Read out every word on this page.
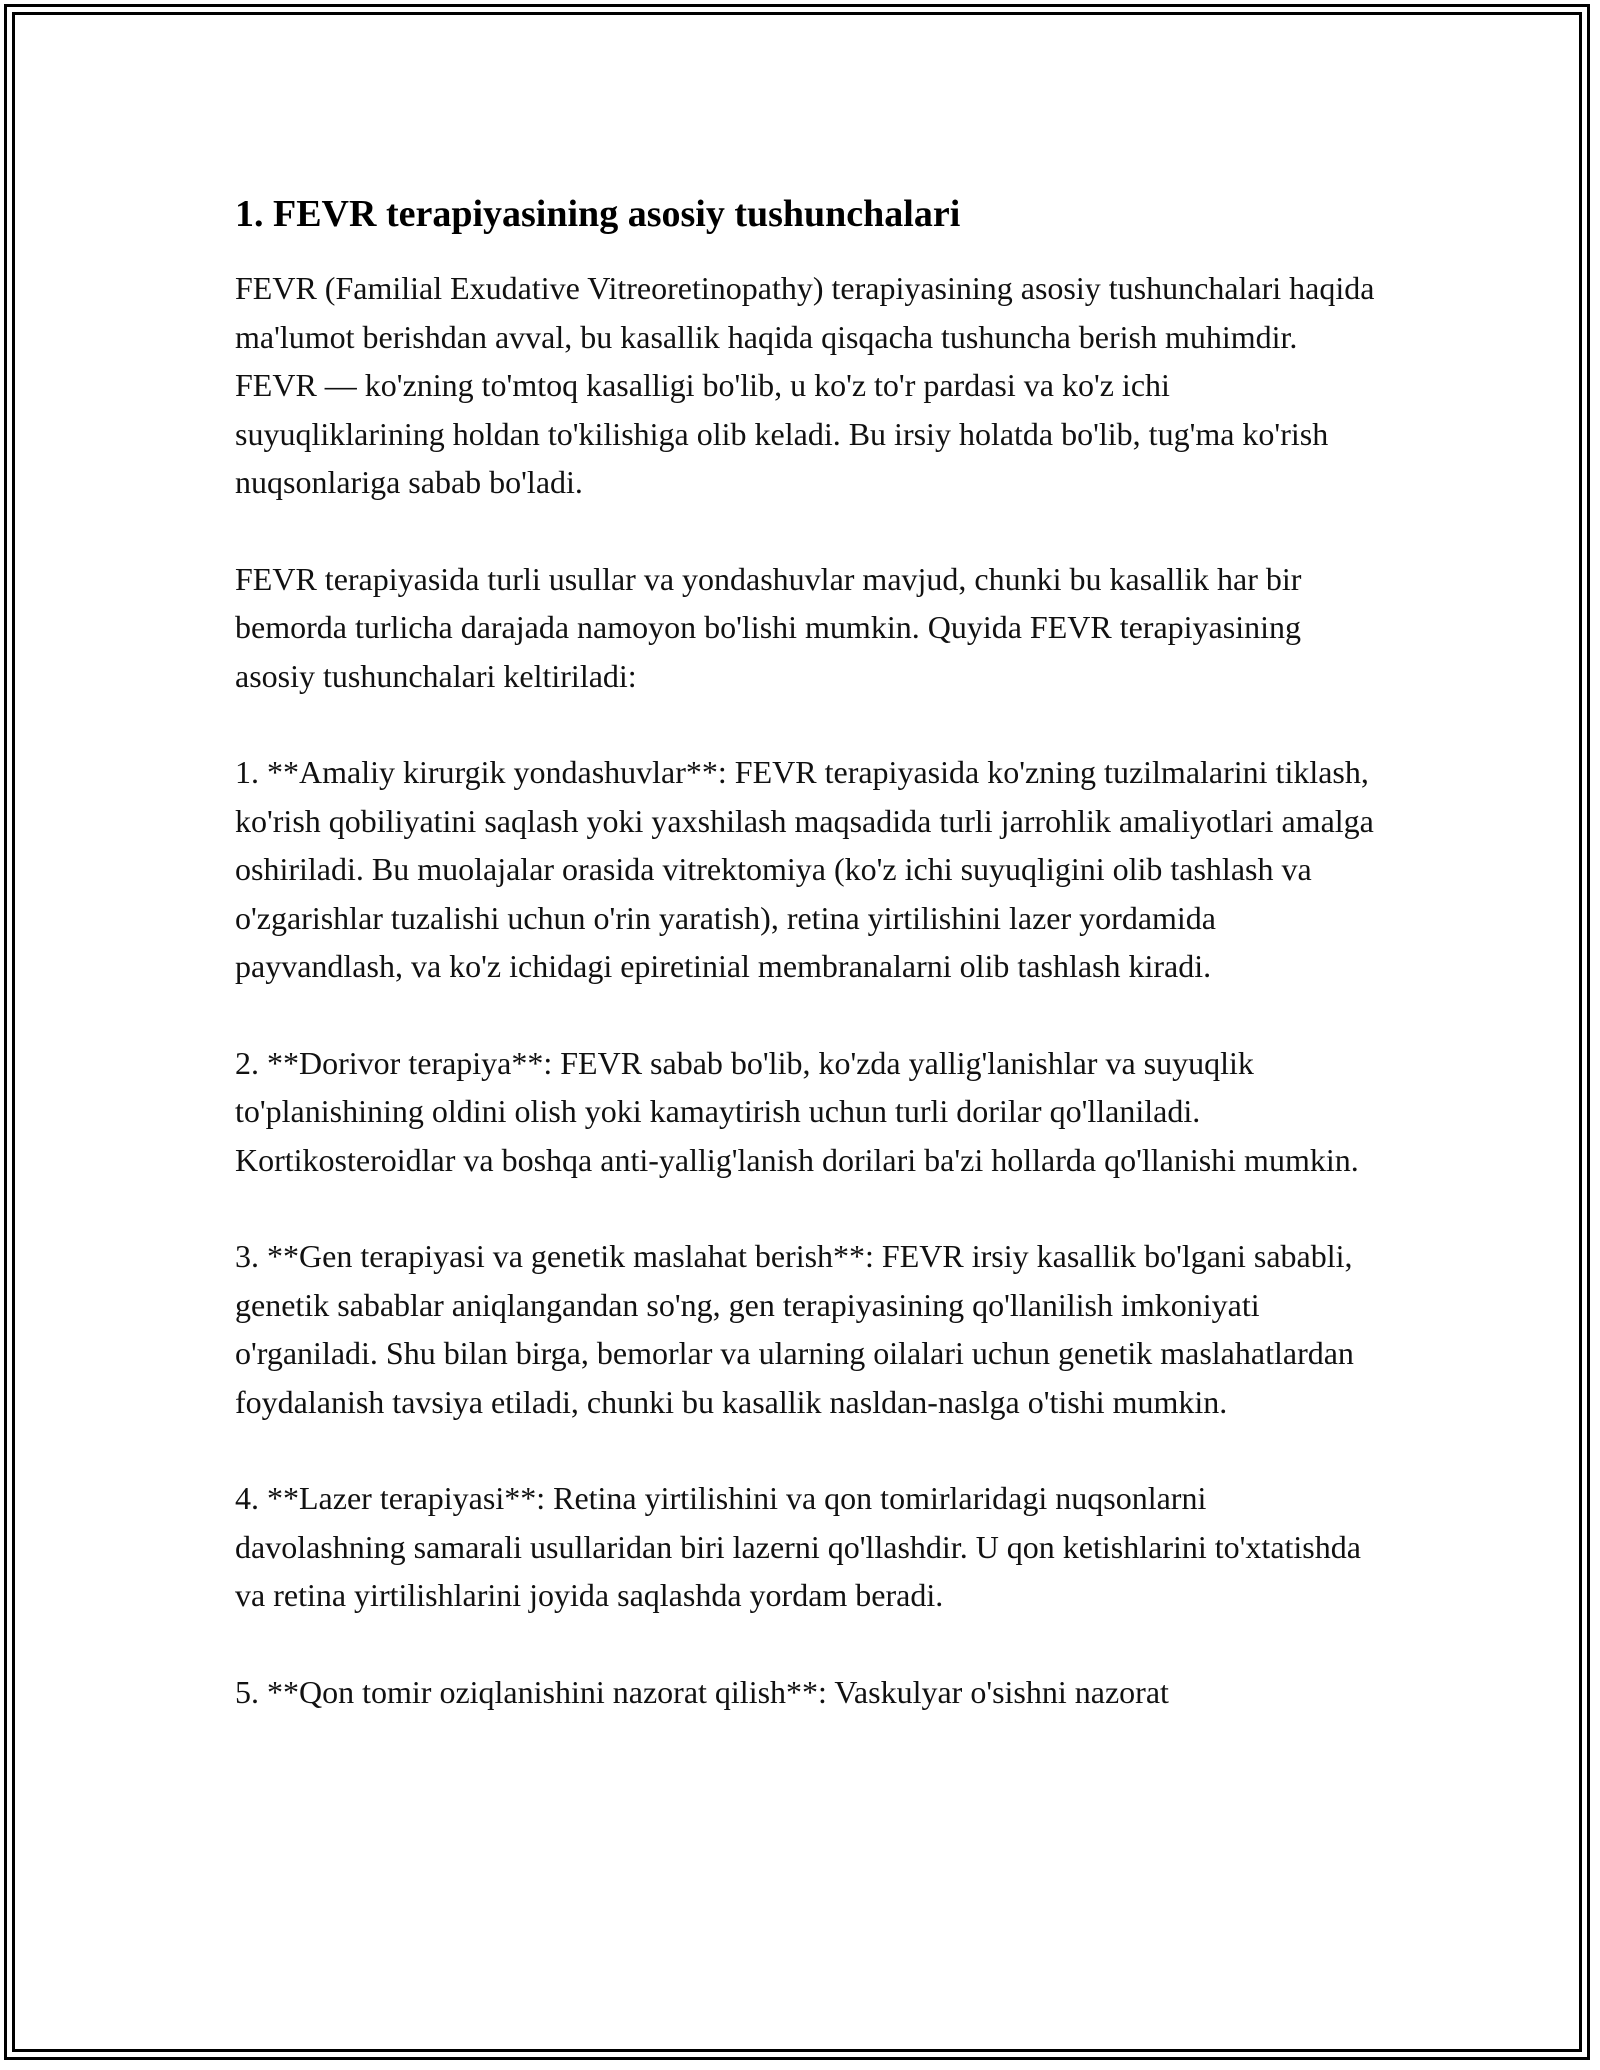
1. FEVR terapiyasining asosiy tushunchalari

FEVR (Familial Exudative Vitreoretinopathy) terapiyasining asosiy tushunchalari haqida ma'lumot berishdan avval, bu kasallik haqida qisqacha tushuncha berish muhimdir. FEVR — ko'zning to'mtoq kasalligi bo'lib, u ko'z to'r pardasi va ko'z ichi suyuqliklarining holdan to'kilishiga olib keladi. Bu irsiy holatda bo'lib, tug'ma ko'rish nuqsonlariga sabab bo'ladi.

FEVR terapiyasida turli usullar va yondashuvlar mavjud, chunki bu kasallik har bir bemorda turlicha darajada namoyon bo'lishi mumkin. Quyida FEVR terapiyasining asosiy tushunchalari keltiriladi:

1. **Amaliy kirurgik yondashuvlar**: FEVR terapiyasida ko'zning tuzilmalarini tiklash, ko'rish qobiliyatini saqlash yoki yaxshilash maqsadida turli jarrohlik amaliyotlari amalga oshiriladi. Bu muolajalar orasida vitrektomiya (ko'z ichi suyuqligini olib tashlash va o'zgarishlar tuzalishi uchun o'rin yaratish), retina yirtilishini lazer yordamida payvandlash, va ko'z ichidagi epiretinial membranalarni olib tashlash kiradi.

2. **Dorivor terapiya**: FEVR sabab bo'lib, ko'zda yallig'lanishlar va suyuqlik to'planishining oldini olish yoki kamaytirish uchun turli dorilar qo'llaniladi. Kortikosteroidlar va boshqa anti-yallig'lanish dorilari ba'zi hollarda qo'llanishi mumkin.

3. **Gen terapiyasi va genetik maslahat berish**: FEVR irsiy kasallik bo'lgani sababli, genetik sabablar aniqlangandan so'ng, gen terapiyasining qo'llanilish imkoniyati o'rganiladi. Shu bilan birga, bemorlar va ularning oilalari uchun genetik maslahatlardan foydalanish tavsiya etiladi, chunki bu kasallik nasldan-naslga o'tishi mumkin.

4. **Lazer terapiyasi**: Retina yirtilishini va qon tomirlaridagi nuqsonlarni davolashning samarali usullaridan biri lazerni qo'llashdir. U qon ketishlarini to'xtatishda va retina yirtilishlarini joyida saqlashda yordam beradi.

5. **Qon tomir oziqlanishini nazorat qilish**: Vaskulyar o'sishni nazorat
